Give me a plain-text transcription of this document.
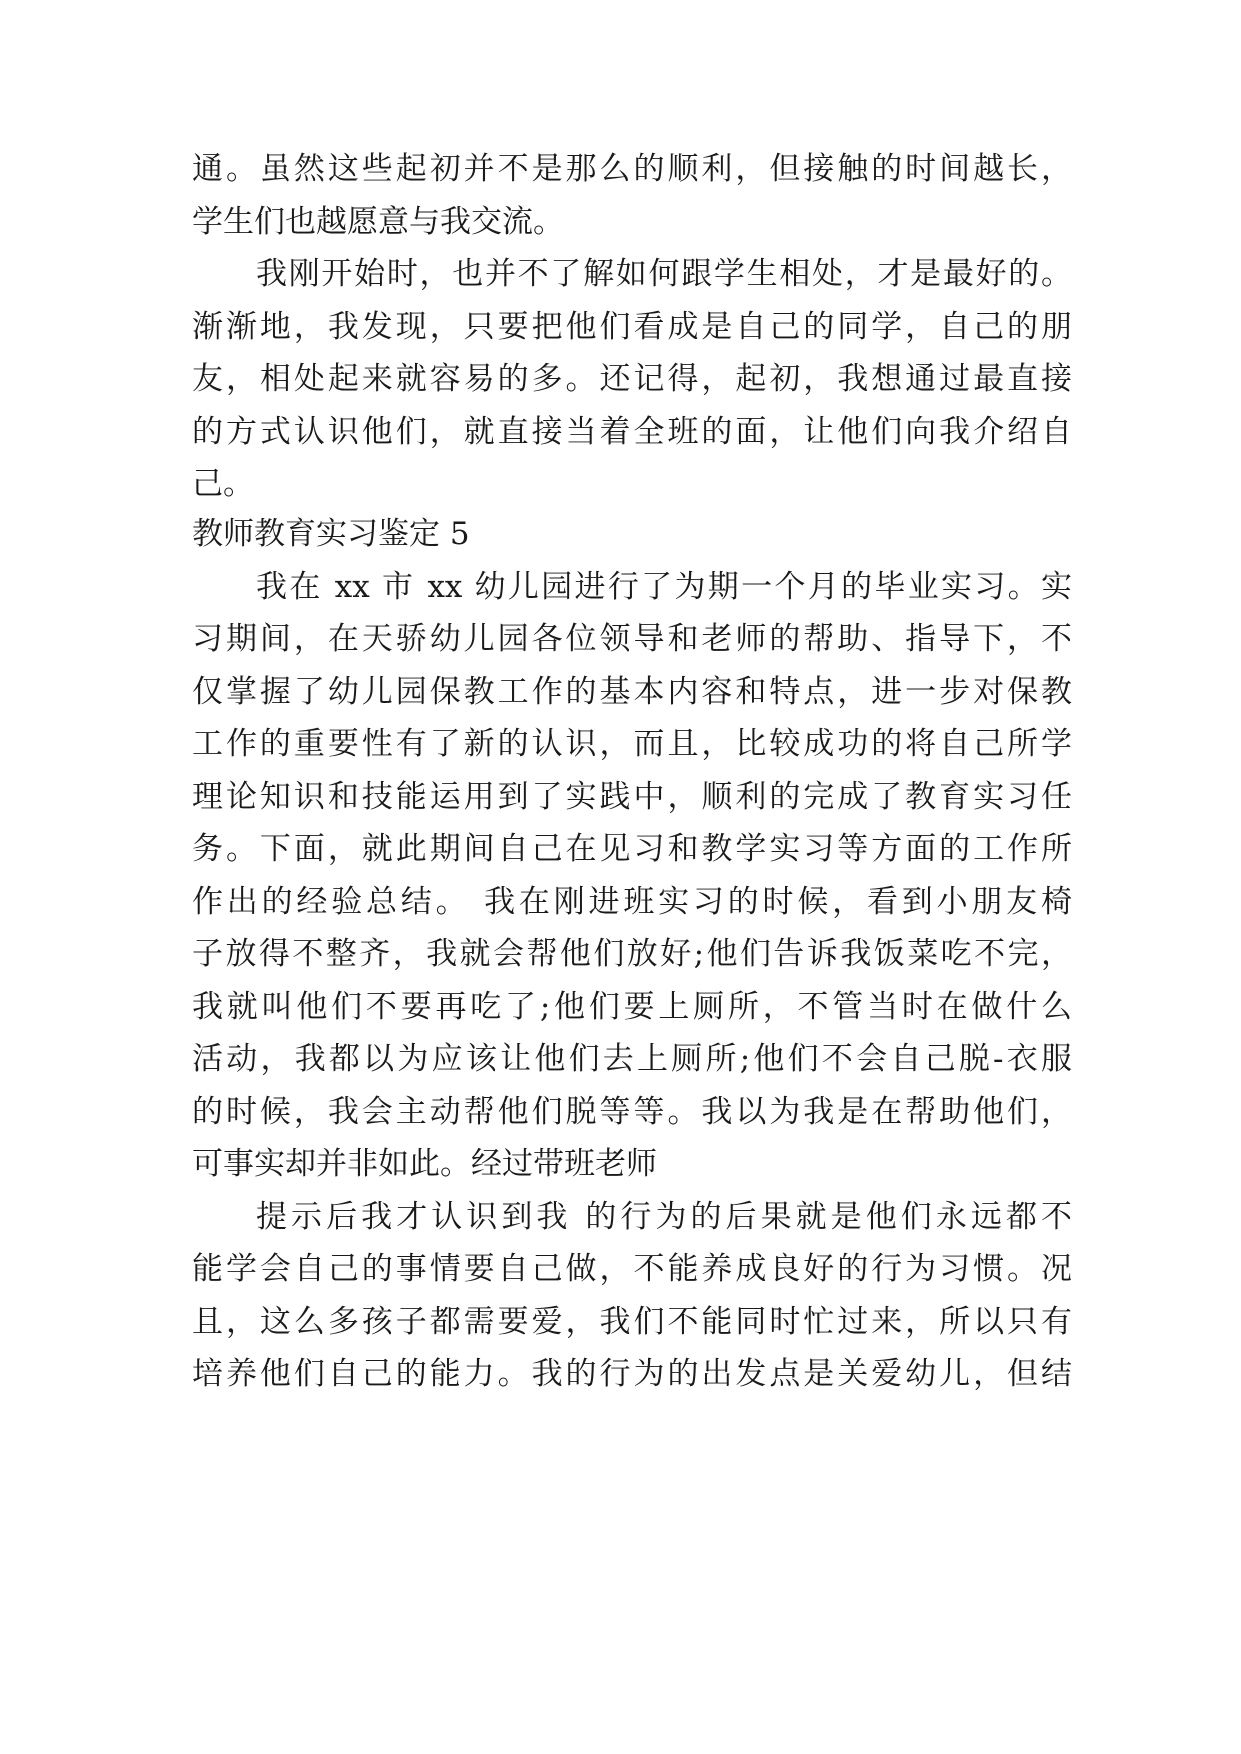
通。虽然这些起初并不是那么的顺利，但接触的时间越长，
学生们也越愿意与我交流。
我刚开始时，也并不了解如何跟学生相处，才是最好的。
渐渐地，我发现，只要把他们看成是自己的同学，自己的朋
友，相处起来就容易的多。还记得，起初，我想通过最直接
的方式认识他们，就直接当着全班的面，让他们向我介绍自
己。
教师教育实习鉴定 5
我在 xx 市 xx 幼儿园进行了为期一个月的毕业实习。实
习期间，在天骄幼儿园各位领导和老师的帮助、指导下，不
仅掌握了幼儿园保教工作的基本内容和特点，进一步对保教
工作的重要性有了新的认识，而且，比较成功的将自己所学
理论知识和技能运用到了实践中，顺利的完成了教育实习任
务。下面，就此期间自己在见习和教学实习等方面的工作所
作出的经验总结。 我在刚进班实习的时候，看到小朋友椅
子放得不整齐，我就会帮他们放好;他们告诉我饭菜吃不完，
我就叫他们不要再吃了;他们要上厕所，不管当时在做什么
活动，我都以为应该让他们去上厕所;他们不会自己脱-衣服
的时候，我会主动帮他们脱等等。我以为我是在帮助他们，
可事实却并非如此。经过带班老师
提示后我才认识到我 的行为的后果就是他们永远都不
能学会自己的事情要自己做，不能养成良好的行为习惯。况
且，这么多孩子都需要爱，我们不能同时忙过来，所以只有
培养他们自己的能力。我的行为的出发点是关爱幼儿，但结
